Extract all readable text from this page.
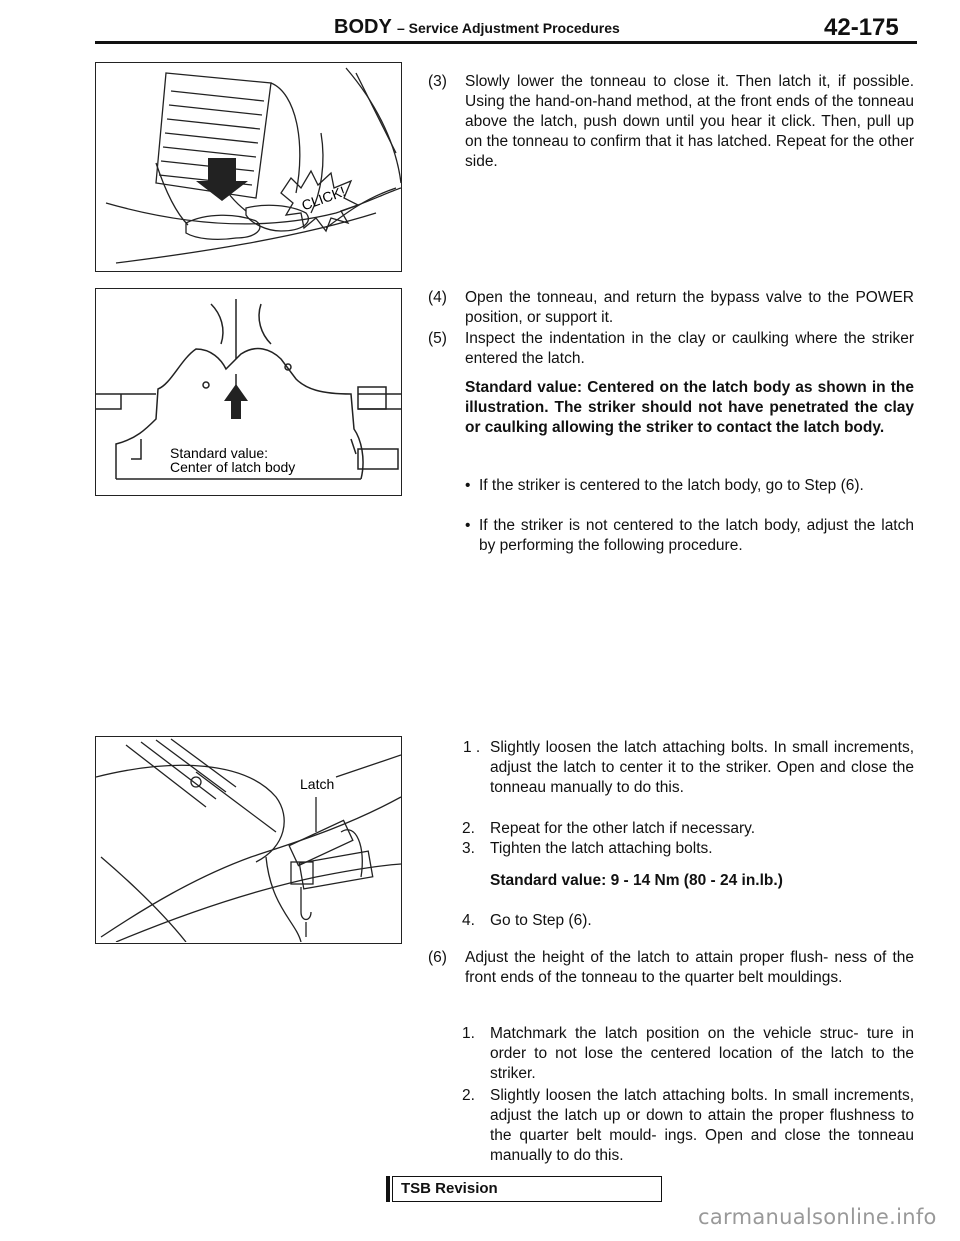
BODY – Service Adjustment Procedures	42-175
CLICK!
Standard value:
Center of latch body
Latch
(3) Slowly lower the tonneau to close it. Then latch it, if possible. Using the hand-on-hand method, at the front ends of the tonneau above the latch, push down until you hear it click. Then, pull up on the tonneau to confirm that it has latched. Repeat for the other side.
(4) Open the tonneau, and return the bypass valve to the POWER position, or support it.
(5) Inspect the indentation in the clay or caulking where the striker entered the latch.
Standard value: Centered on the latch body as shown in the illustration. The striker should not have penetrated the clay or caulking allowing the striker to contact the latch body.
• If the striker is centered to the latch body, go to Step (6).
• If the striker is not centered to the latch body, adjust the latch by performing the following procedure.
1 . Slightly loosen the latch attaching bolts. In small increments, adjust the latch to center it to the striker. Open and close the tonneau manually to do this.
2. Repeat for the other latch if necessary.
3. Tighten the latch attaching bolts.
Standard value: 9 - 14 Nm (80 - 24 in.lb.)
4. Go to Step (6).
(6) Adjust the height of the latch to attain proper flush- ness of the front ends of the tonneau to the quarter belt mouldings.
1. Matchmark the latch position on the vehicle struc- ture in order to not lose the centered location of the latch to the striker.
2. Slightly loosen the latch attaching bolts. In small increments, adjust the latch up or down to attain the proper flushness to the quarter belt mould- ings. Open and close the tonneau manually to do this.
TSB Revision
carmanualsonline.info
